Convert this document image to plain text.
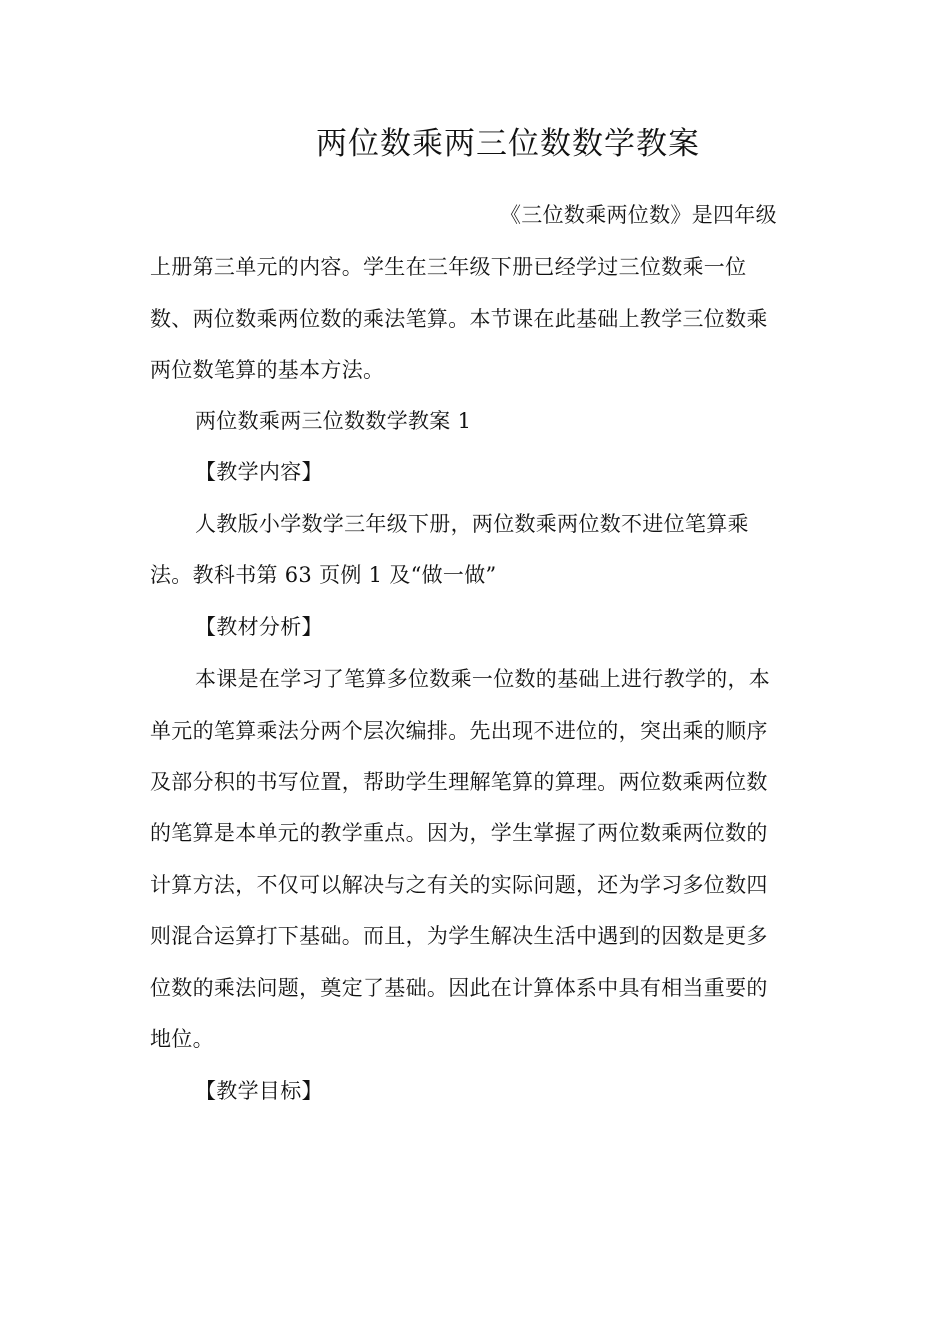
两位数乘两三位数数学教案
《三位数乘两位数》是四年级
上册第三单元的内容。学生在三年级下册已经学过三位数乘一位
数、两位数乘两位数的乘法笔算。本节课在此基础上教学三位数乘
两位数笔算的基本方法。
两位数乘两三位数数学教案 1
【教学内容】
人教版小学数学三年级下册，两位数乘两位数不进位笔算乘
法。教科书第 63 页例 1 及“做一做”
【教材分析】
本课是在学习了笔算多位数乘一位数的基础上进行教学的，本
单元的笔算乘法分两个层次编排。先出现不进位的，突出乘的顺序
及部分积的书写位置，帮助学生理解笔算的算理。两位数乘两位数
的笔算是本单元的教学重点。因为，学生掌握了两位数乘两位数的
计算方法，不仅可以解决与之有关的实际问题，还为学习多位数四
则混合运算打下基础。而且，为学生解决生活中遇到的因数是更多
位数的乘法问题，奠定了基础。因此在计算体系中具有相当重要的
地位。
【教学目标】
